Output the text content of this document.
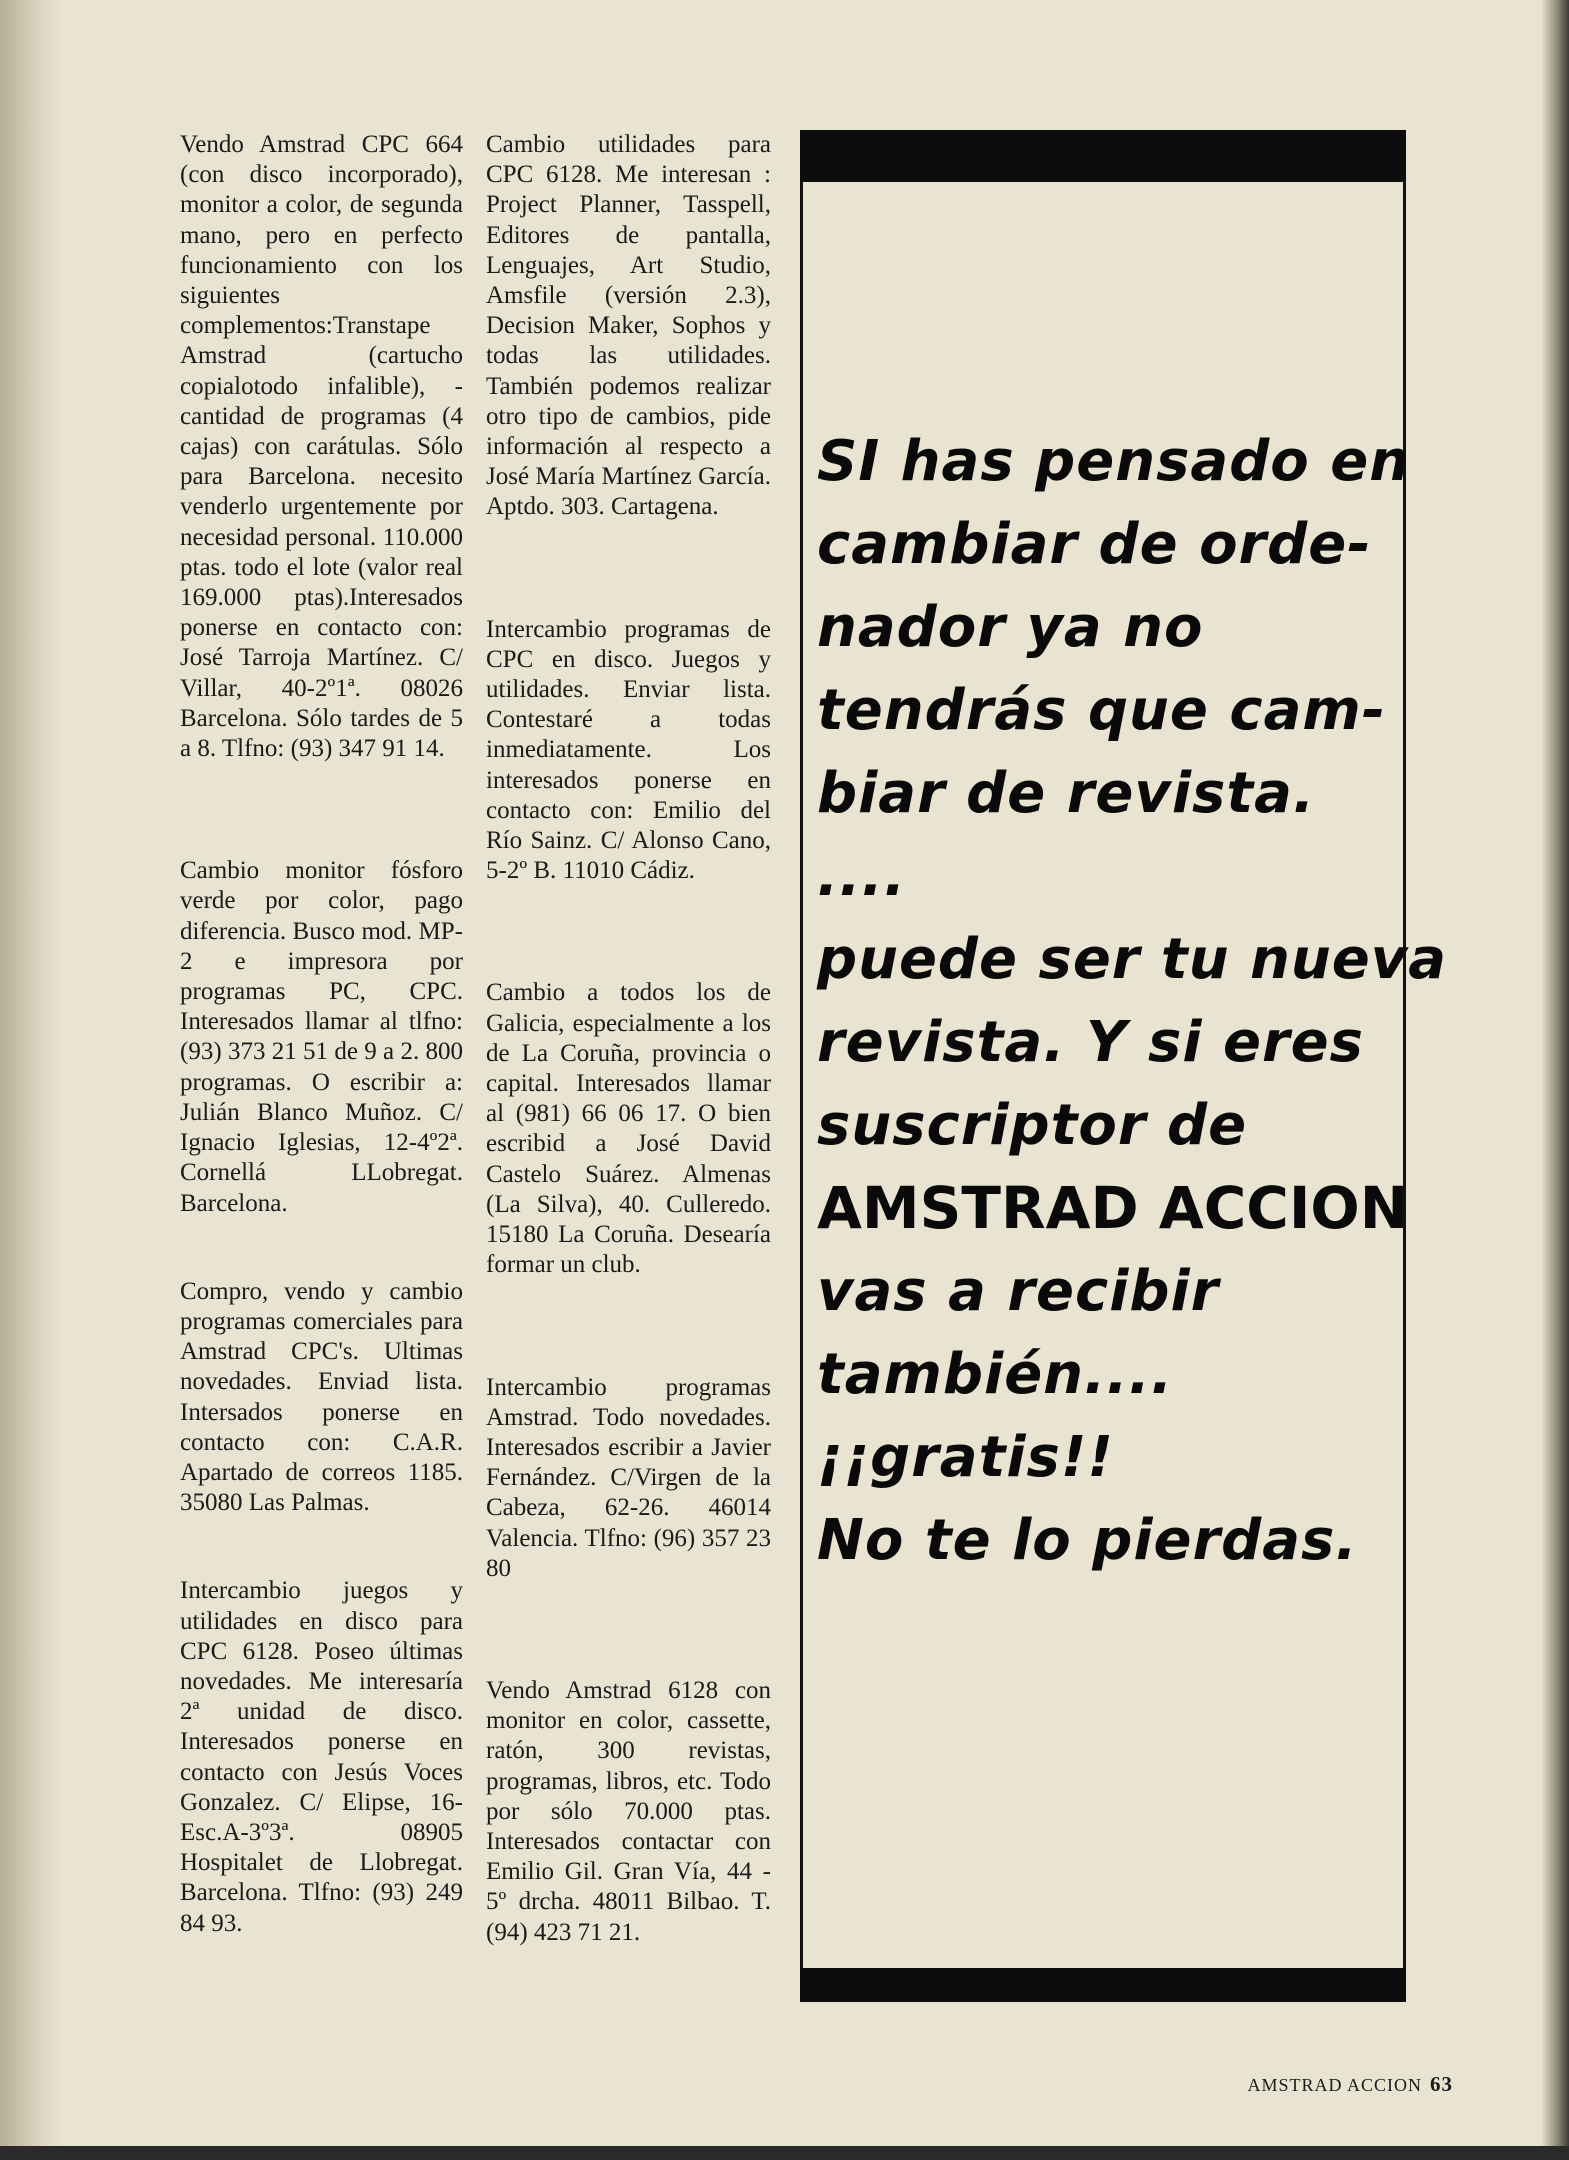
Vendo Amstrad CPC 664 (con disco incorporado), monitor a color, de segunda mano, pero en perfecto funcionamiento con los siguientes complementos:Transtape Amstrad (cartucho copialotodo infalible), - cantidad de programas (4 cajas) con carátulas. Sólo para Barcelona. necesito venderlo urgentemente por necesidad personal. 110.000 ptas. todo el lote (valor real 169.000 ptas).Interesados ponerse en contacto con: José Tarroja Martínez. C/ Villar, 40-2º1ª. 08026 Barcelona. Sólo tardes de 5 a 8. Tlfno: (93) 347 91 14.

Cambio monitor fósforo verde por color, pago diferencia. Busco mod. MP-2 e impresora por programas PC, CPC. Interesados llamar al tlfno: (93) 373 21 51 de 9 a 2. 800 programas. O escribir a: Julián Blanco Muñoz. C/ Ignacio Iglesias, 12-4º2ª. Cornellá LLobregat. Barcelona.

Compro, vendo y cambio programas comerciales para Amstrad CPC's. Ultimas novedades. Enviad lista. Intersados ponerse en contacto con: C.A.R. Apartado de correos 1185. 35080 Las Palmas.

Intercambio juegos y utilidades en disco para CPC 6128. Poseo últimas novedades. Me interesaría 2ª unidad de disco. Interesados ponerse en contacto con Jesús Voces Gonzalez. C/ Elipse, 16-Esc.A-3º3ª. 08905 Hospitalet de Llobregat. Barcelona. Tlfno: (93) 249 84 93.

Cambio utilidades para CPC 6128. Me interesan : Project Planner, Tasspell, Editores de pantalla, Lenguajes, Art Studio, Amsfile (versión 2.3), Decision Maker, Sophos y todas las utilidades. También podemos realizar otro tipo de cambios, pide información al respecto a José María Martínez García. Aptdo. 303. Cartagena.

Intercambio programas de CPC en disco. Juegos y utilidades. Enviar lista. Contestaré a todas inmediatamente. Los interesados ponerse en contacto con: Emilio del Río Sainz. C/ Alonso Cano, 5-2º B. 11010 Cádiz.

Cambio a todos los de Galicia, especialmente a los de La Coruña, provincia o capital. Interesados llamar al (981) 66 06 17. O bien escribid a José David Castelo Suárez. Almenas (La Silva), 40. Culleredo. 15180 La Coruña. Desearía formar un club.

Intercambio programas Amstrad. Todo novedades. Interesados escribir a Javier Fernández. C/Virgen de la Cabeza, 62-26. 46014 Valencia. Tlfno: (96) 357 23 80

Vendo Amstrad 6128 con monitor en color, cassette, ratón, 300 revistas, programas, libros, etc. Todo por sólo 70.000 ptas. Interesados contactar con Emilio Gil. Gran Vía, 44 - 5º drcha. 48011 Bilbao. T. (94) 423 71 21.

SI has pensado en
cambiar de orde-
nador ya no
tendrás que cam-
biar de revista.
....
puede ser tu nueva
revista. Y si eres
suscriptor de
AMSTRAD ACCION
vas a recibir
también....
¡¡gratis!!
No te lo pierdas.
AMSTRAD ACCION 63
